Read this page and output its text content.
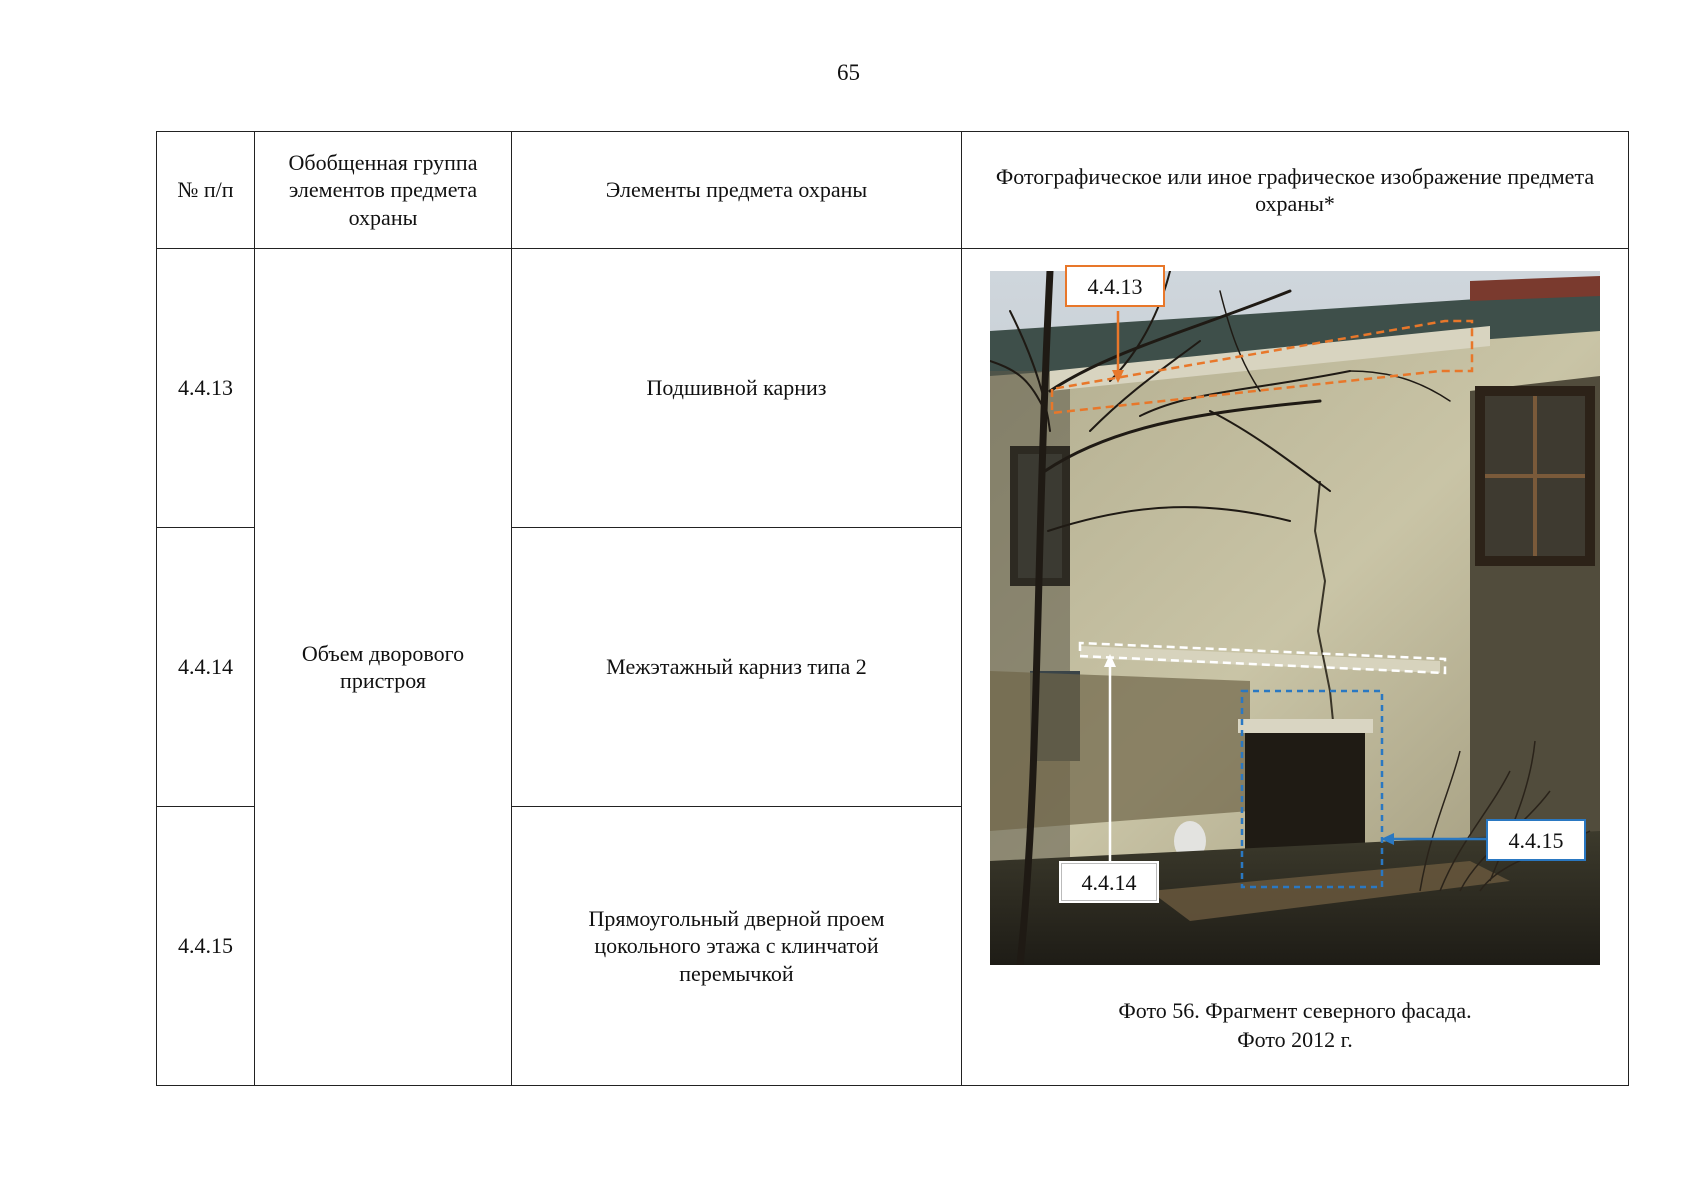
65
№ п/п	Обобщенная группа элементов предмета охраны	Элементы предмета охраны	Фотографическое или иное графическое изображение предмета охраны*
4.4.13	Объем дворового пристроя	Подшивной карниз	4.4.13
4.4.14
4.4.15
Фото 56. Фрагмент северного фасада.
Фото 2012 г.

4.4.14		Межэтажный карниз типа 2	
4.4.15		Прямоугольный дверной проем цокольного этажа с клинчатой перемычкой	
